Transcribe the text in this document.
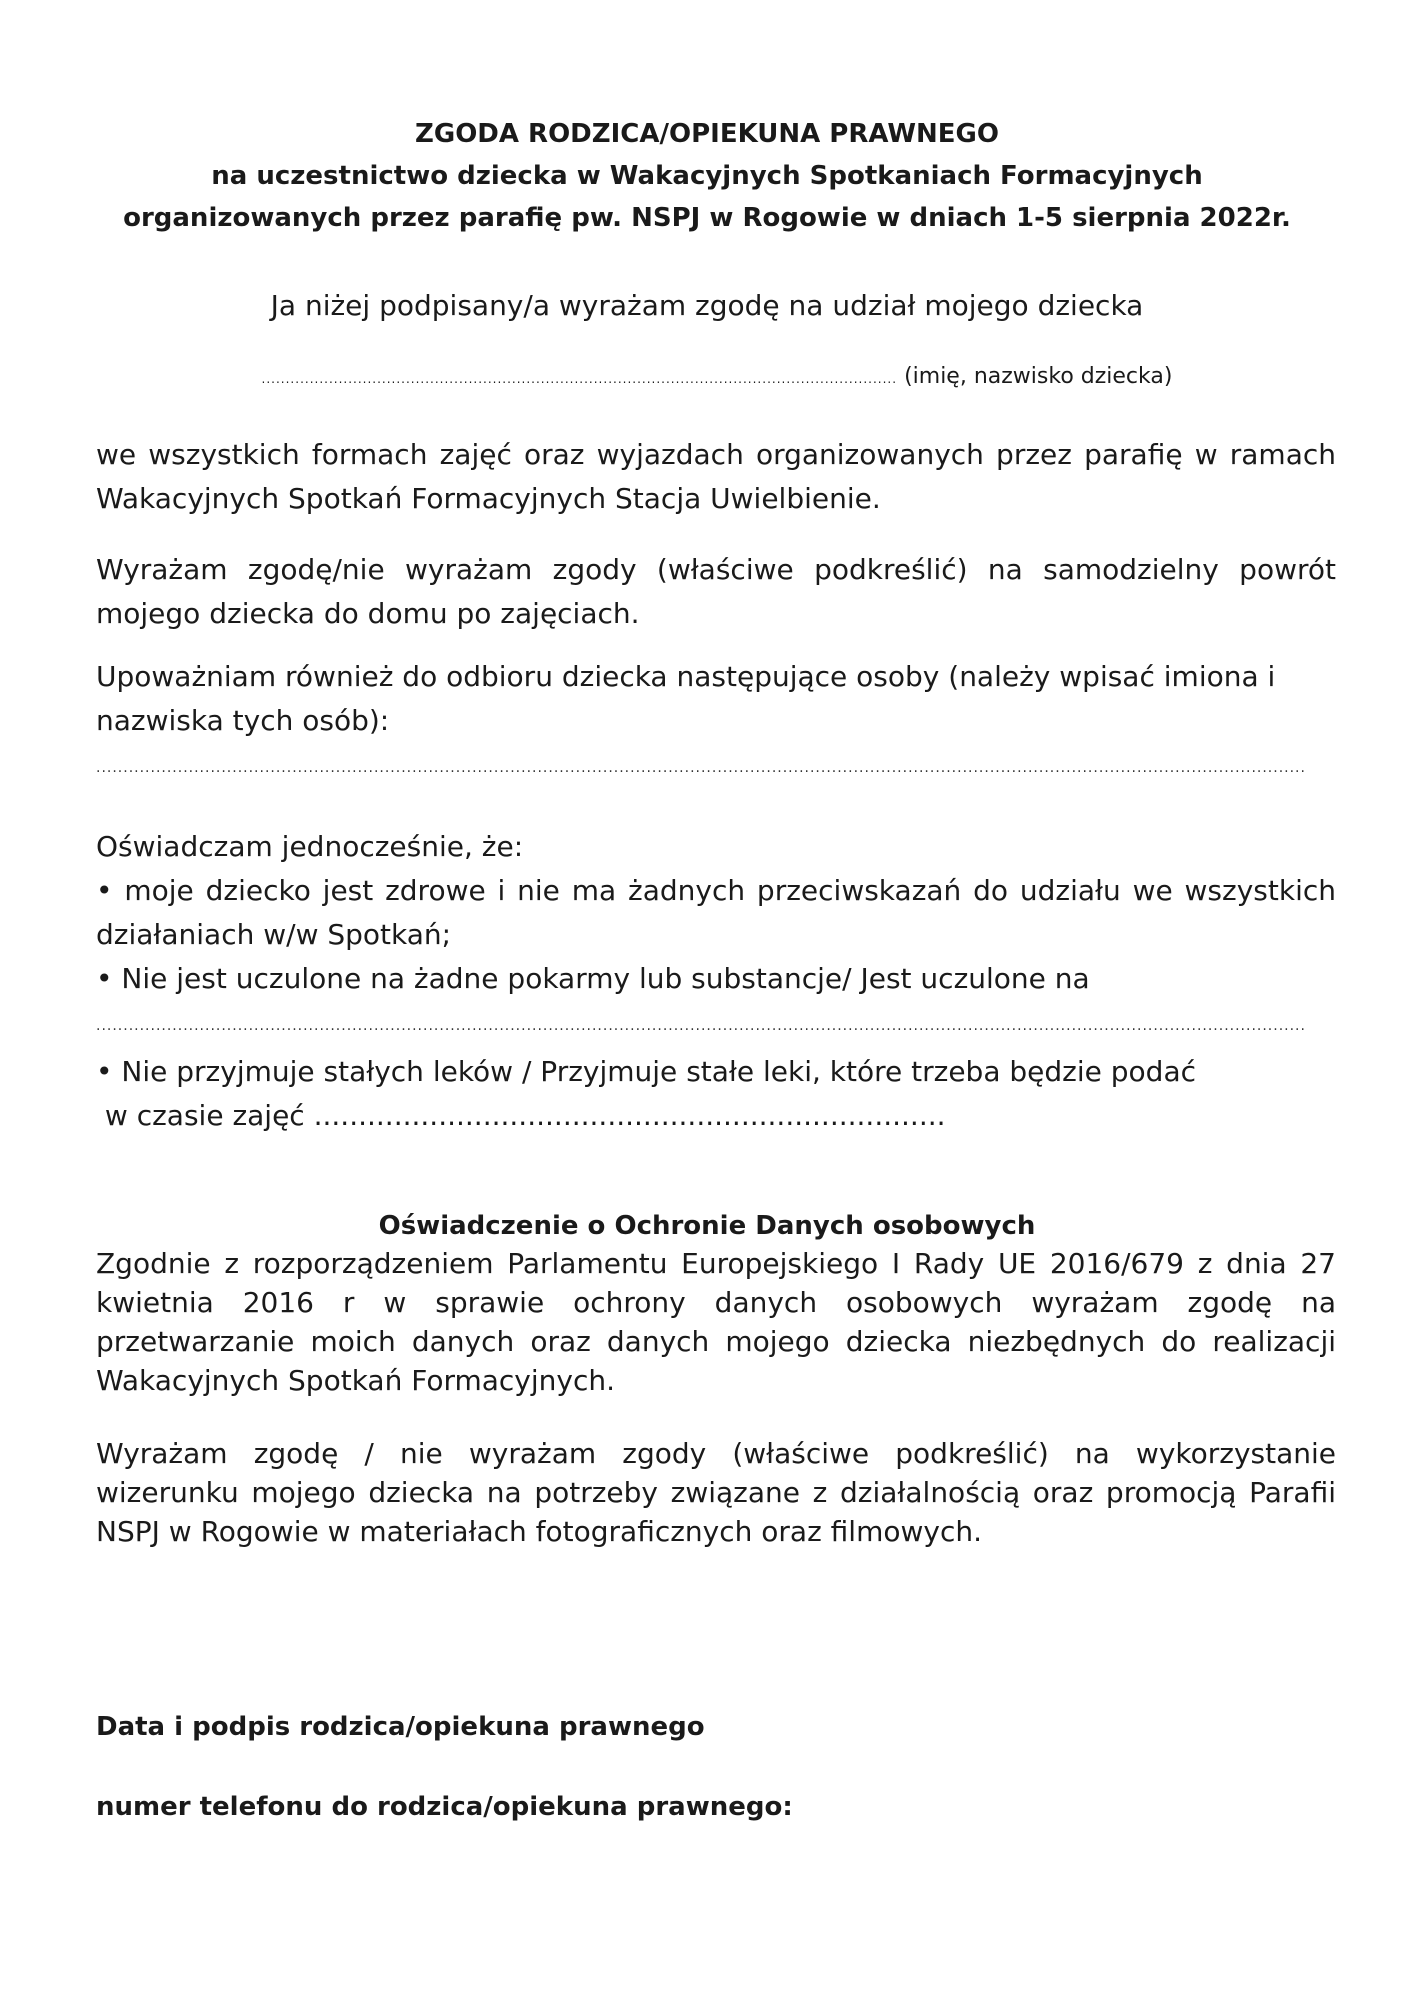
ZGODA RODZICA/OPIEKUNA PRAWNEGO
na uczestnictwo dziecka w Wakacyjnych Spotkaniach Formacyjnych
organizowanych przez parafię pw. NSPJ w Rogowie w dniach 1-5 sierpnia 2022r.
Ja niżej podpisany/a wyrażam zgodę na udział mojego dziecka
.................................................................................................................................... (imię, nazwisko dziecka)
we wszystkich formach zajęć oraz wyjazdach organizowanych przez parafię w ramach
Wakacyjnych Spotkań Formacyjnych Stacja Uwielbienie.
Wyrażam zgodę/nie wyrażam zgody (właściwe podkreślić) na samodzielny powrót
mojego dziecka do domu po zajęciach.
Upoważniam również do odbioru dziecka następujące osoby (należy wpisać imiona i
nazwiska tych osób):
..............................................................................................................................................................................................................................
Oświadczam jednocześnie, że:
• moje dziecko jest zdrowe i nie ma żadnych przeciwskazań do udziału we wszystkich
działaniach w/w Spotkań;
• Nie jest uczulone na żadne pokarmy lub substancje/ Jest uczulone na
..............................................................................................................................................................................................................................
• Nie przyjmuje stałych leków / Przyjmuje stałe leki, które trzeba będzie podać
w czasie zajęć .......................................................................
Oświadczenie o Ochronie Danych osobowych
Zgodnie z rozporządzeniem Parlamentu Europejskiego I Rady UE 2016/679 z dnia 27
kwietnia 2016 r w sprawie ochrony danych osobowych wyrażam zgodę na
przetwarzanie moich danych oraz danych mojego dziecka niezbędnych do realizacji
Wakacyjnych Spotkań Formacyjnych.
Wyrażam zgodę / nie wyrażam zgody (właściwe podkreślić) na wykorzystanie
wizerunku mojego dziecka na potrzeby związane z działalnością oraz promocją Parafii
NSPJ w Rogowie w materiałach fotograficznych oraz filmowych.
Data i podpis rodzica/opiekuna prawnego
numer telefonu do rodzica/opiekuna prawnego:
